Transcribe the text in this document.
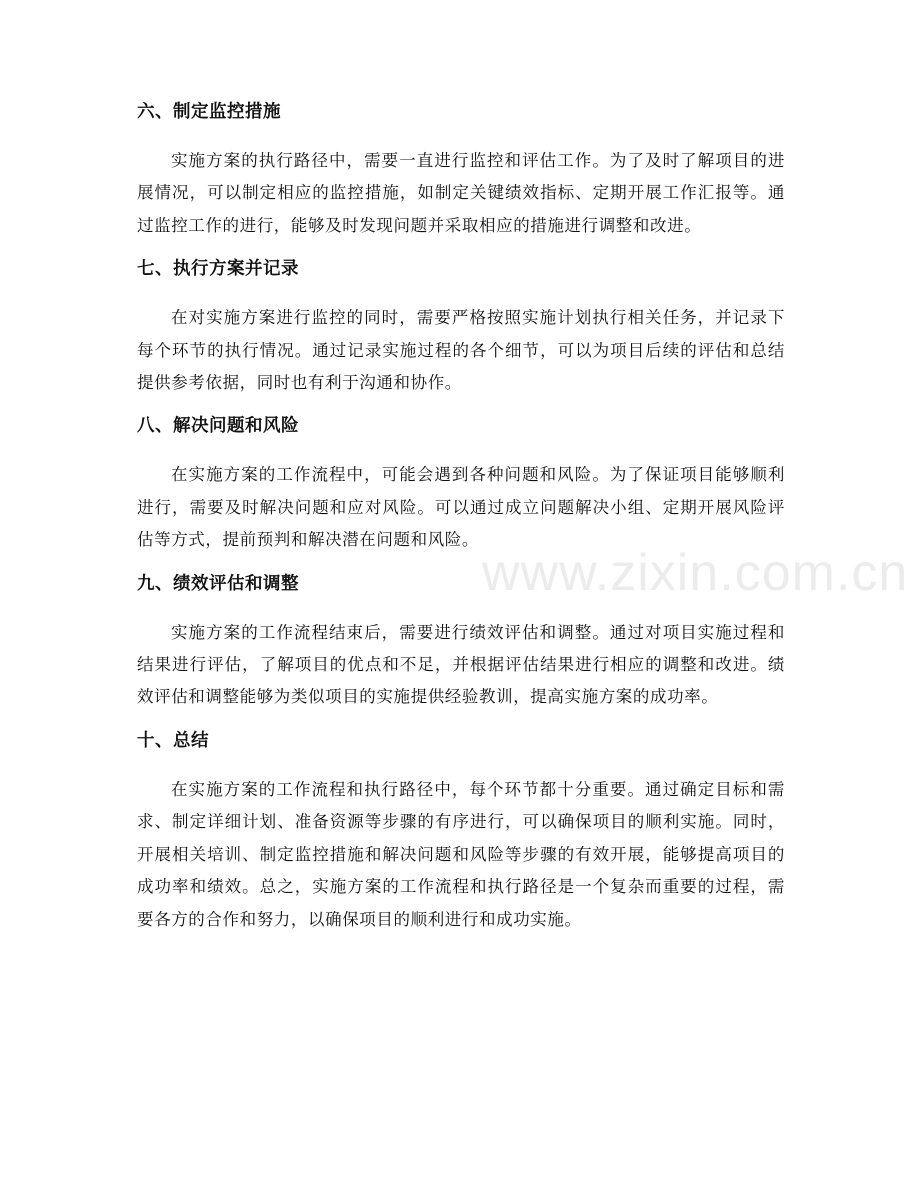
六、制定监控措施

实施方案的执行路径中，需要一直进行监控和评估工作。为了及时了解项目的进展情况，可以制定相应的监控措施，如制定关键绩效指标、定期开展工作汇报等。通过监控工作的进行，能够及时发现问题并采取相应的措施进行调整和改进。

七、执行方案并记录

在对实施方案进行监控的同时，需要严格按照实施计划执行相关任务，并记录下每个环节的执行情况。通过记录实施过程的各个细节，可以为项目后续的评估和总结提供参考依据，同时也有利于沟通和协作。

八、解决问题和风险

在实施方案的工作流程中，可能会遇到各种问题和风险。为了保证项目能够顺利进行，需要及时解决问题和应对风险。可以通过成立问题解决小组、定期开展风险评估等方式，提前预判和解决潜在问题和风险。

九、绩效评估和调整

实施方案的工作流程结束后，需要进行绩效评估和调整。通过对项目实施过程和结果进行评估，了解项目的优点和不足，并根据评估结果进行相应的调整和改进。绩效评估和调整能够为类似项目的实施提供经验教训，提高实施方案的成功率。

十、总结

在实施方案的工作流程和执行路径中，每个环节都十分重要。通过确定目标和需求、制定详细计划、准备资源等步骤的有序进行，可以确保项目的顺利实施。同时，开展相关培训、制定监控措施和解决问题和风险等步骤的有效开展，能够提高项目的成功率和绩效。总之，实施方案的工作流程和执行路径是一个复杂而重要的过程，需要各方的合作和努力，以确保项目的顺利进行和成功实施。

www.zixin.com.cn
